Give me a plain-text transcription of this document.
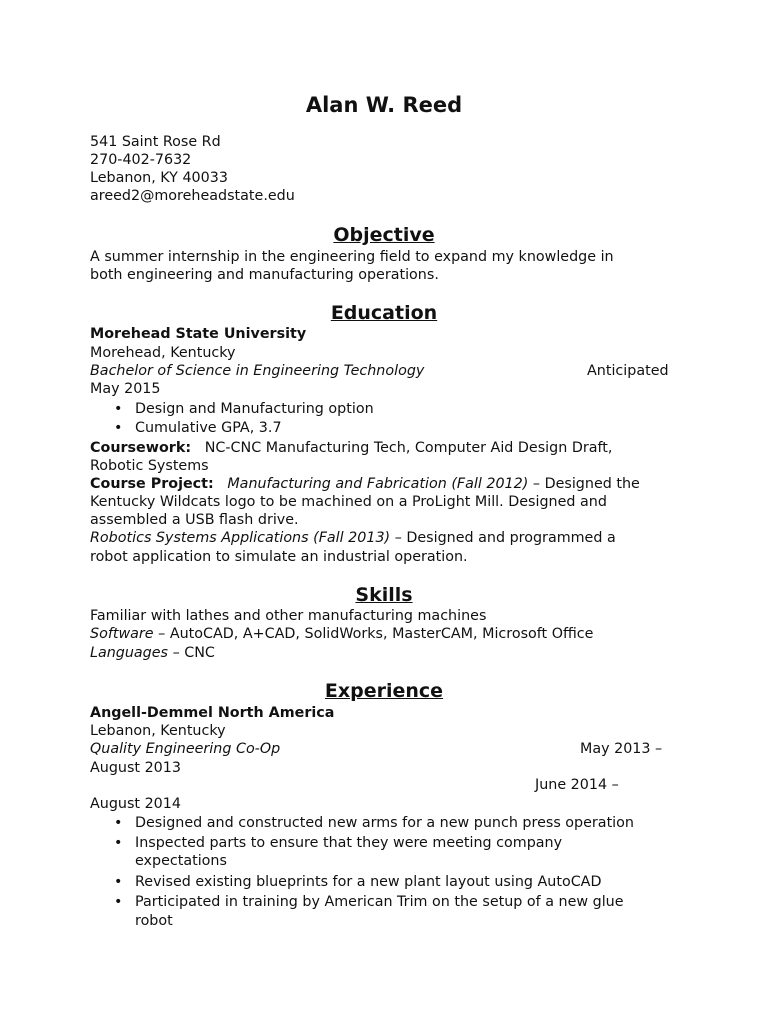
Alan W. Reed
541 Saint Rose Rd
270-402-7632
Lebanon, KY 40033
areed2@moreheadstate.edu
Objective
A summer internship in the engineering field to expand my knowledge in
both engineering and manufacturing operations.
Education
Morehead State University
Morehead, Kentucky
Bachelor of Science in Engineering Technology	Anticipated
May 2015
• Design and Manufacturing option
• Cumulative GPA, 3.7
Coursework: NC-CNC Manufacturing Tech, Computer Aid Design Draft,
Robotic Systems
Course Project: Manufacturing and Fabrication (Fall 2012) – Designed the
Kentucky Wildcats logo to be machined on a ProLight Mill. Designed and
assembled a USB flash drive.
Robotics Systems Applications (Fall 2013) – Designed and programmed a
robot application to simulate an industrial operation.
Skills
Familiar with lathes and other manufacturing machines
Software – AutoCAD, A+CAD, SolidWorks, MasterCAM, Microsoft Office
Languages – CNC
Experience
Angell-Demmel North America
Lebanon, Kentucky
Quality Engineering Co-Op	May 2013 –
August 2013
June 2014 –
August 2014
• Designed and constructed new arms for a new punch press operation
• Inspected parts to ensure that they were meeting company
expectations
• Revised existing blueprints for a new plant layout using AutoCAD
• Participated in training by American Trim on the setup of a new glue
robot
